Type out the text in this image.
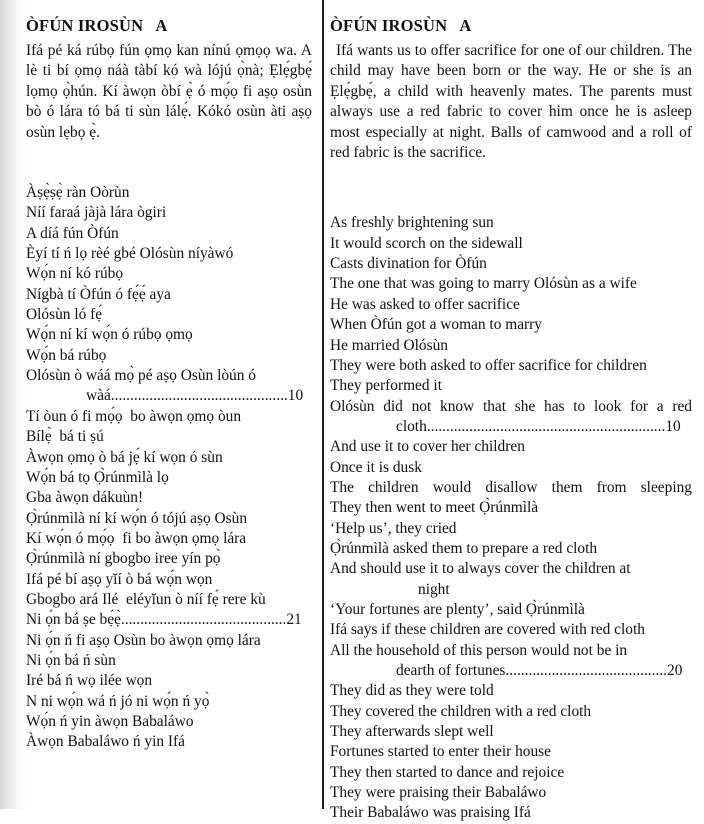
ÒFÚN IROSÙN   A

Ifá pé ká rúbọ fún ọmọ kan nínú ọmọọ wa. A lè ti bí ọmọ náà tàbí kó wà lójú ọ̀nà; Ẹlẹ́gbẹ́ lọmọ ọ̀hún. Kí àwọn òbí ẹ̀ ó mọ́ọ fi aṣọ osùn bò ó lára tó bá ti sùn lálẹ́. Kókó osùn àti aṣọ osùn lẹbọ ẹ̀.

Àṣẹ̀ṣẹ̀ ràn Oòrùn
Níí faraá jàjà lára ògiri
A díá fún Òfún
Èyí tí ń lọ rèé gbé Olósùn níyàwó
Wọ́n ní kó rúbọ
Nígbà tí Òfún ó fẹ́ẹ́ aya
Olósùn ló fẹ́
Wọ́n ní kí wọ́n ó rúbọ ọmọ
Wọ́n bá rúbọ
Olósùn ò wáá mọ̀ pé aṣọ Osùn lòún ó
wàá..............................................10
Tí òun ó fi mọ́ọ  bo àwọn ọmọ òun
Bílẹ̀  bá ti ṣú
Àwọn ọmọ ò bá jẹ́ kí wọn ó sùn
Wọ́n bá tọ Ọ̀rúnmìlà lọ
Gba àwọn dákuùn!
Ọ̀rúnmìlà ní kí wọ́n ó tójú aṣọ Osùn
Kí wọ́n ó mọ́ọ  fi bo àwọn ọmọ lára
Ọ̀rúnmìlà ní gbogbo iree yín pọ̀
Ifá pé bí aṣọ yĭí ò bá wọ́n wọn
Gbogbo ará Ilé  eléyĭun ò níí fẹ́ rere kù
Ni ọ́n bá ṣe bẹ́ẹ̀...........................................21
Ni ọ́n ń fi aṣọ Osùn bo àwọn ọmọ lára
Ni ọ́n bá ń sùn
Iré bá ń wọ ilée wọn
N ni wọ́n wá ń jó ni wọ́n ń yọ̀
Wọ́n ń yin àwọn Babaláwo
Àwọn Babaláwo ń yin Ifá
ÒFÚN IROSÙN   A

Ifá wants us to offer sacrifice for one of our children. The child may have been born or the way. He or she is an Ẹlẹ́gbẹ́, a child with heavenly mates. The parents must always use a red fabric to cover him once he is asleep most especially at night. Balls of camwood and a roll of red fabric is the sacrifice.

As freshly brightening sun
It would scorch on the sidewall
Casts divination for Òfún
The one that was going to marry Olósùn as a wife
He was asked to offer sacrifice
When Òfún got a woman to marry
He married Olósùn
They were both asked to offer sacrifice for children
They performed it
Olósùn did not know that she has to look for a red
cloth..............................................................10
And use it to cover her children
Once it is dusk
The children would disallow them from sleeping
They then went to meet Ọ̀rúnmìlà
‘Help us’, they cried
Ọ̀rúnmìlà asked them to prepare a red cloth
And should use it to always cover the children at
night
‘Your fortunes are plenty’, said Ọ̀rúnmìlà
Ifá says if these children are covered with red cloth
All the household of this person would not be in
dearth of fortunes..........................................20
They did as they were told
They covered the children with a red cloth
They afterwards slept well
Fortunes started to enter their house
They then started to dance and rejoice
They were praising their Babaláwo
Their Babaláwo was praising Ifá
